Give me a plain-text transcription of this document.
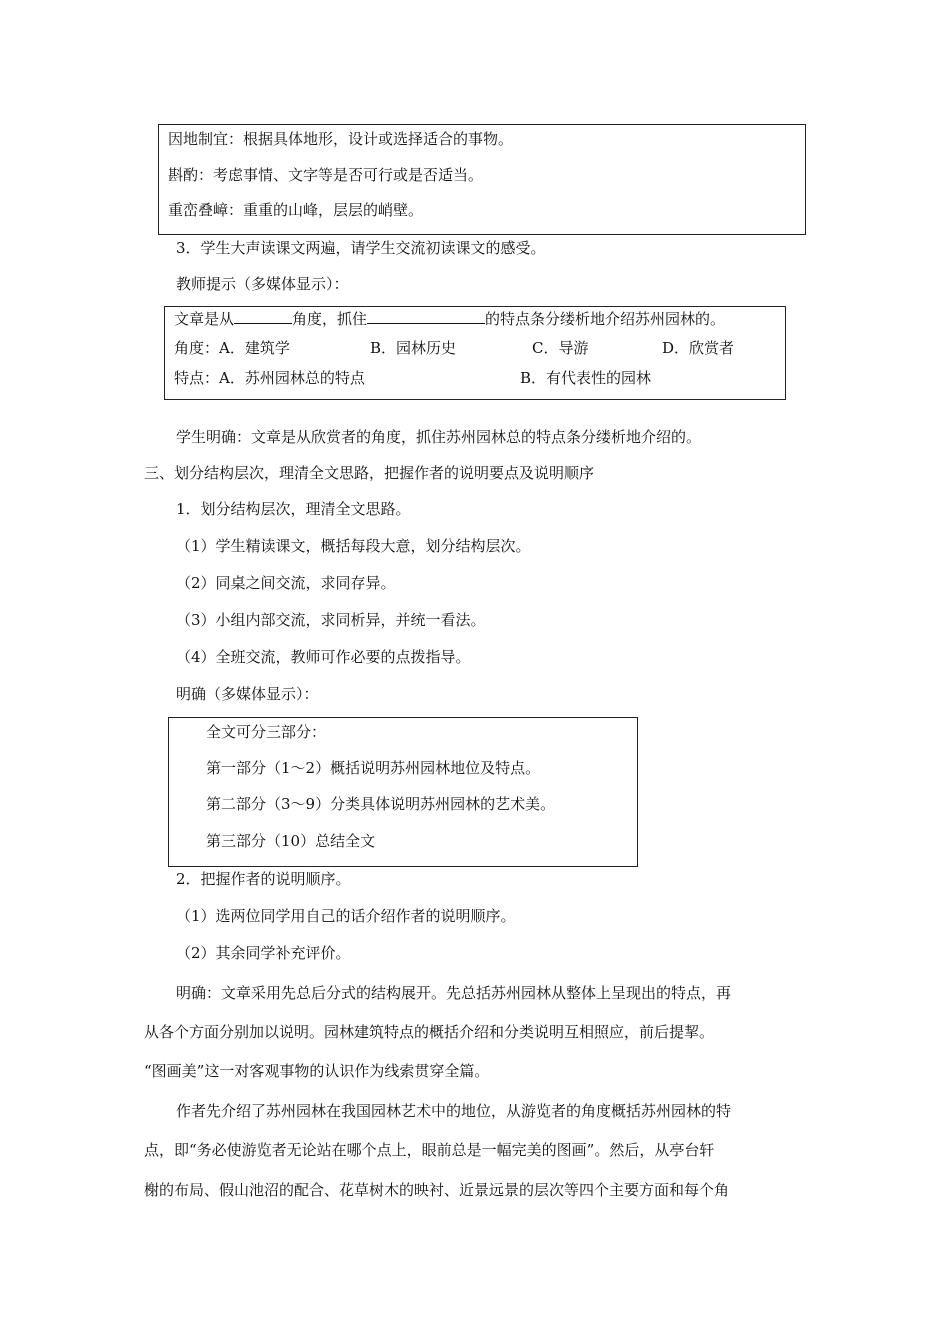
因地制宜：根据具体地形，设计或选择适合的事物。
斟酌：考虑事情、文字等是否可行或是否适当。
重峦叠嶂：重重的山峰，层层的峭壁。
3．学生大声读课文两遍，请学生交流初读课文的感受。
教师提示（多媒体显示）：
文章是从	角度，抓住	的特点条分缕析地介绍苏州园林的。
角度：A．建筑学	B．园林历史	C．导游	D．欣赏者
特点：A．苏州园林总的特点	B．有代表性的园林
学生明确：文章是从欣赏者的角度，抓住苏州园林总的特点条分缕析地介绍的。
三、划分结构层次，理清全文思路，把握作者的说明要点及说明顺序
1．划分结构层次，理清全文思路。
（1）学生精读课文，概括每段大意，划分结构层次。
（2）同桌之间交流，求同存异。
（3）小组内部交流，求同析异，并统一看法。
（4）全班交流，教师可作必要的点拨指导。
明确（多媒体显示）：
全文可分三部分：
第一部分（1～2）概括说明苏州园林地位及特点。
第二部分（3～9）分类具体说明苏州园林的艺术美。
第三部分（10）总结全文
2．把握作者的说明顺序。
（1）选两位同学用自己的话介绍作者的说明顺序。
（2）其余同学补充评价。
明确：文章采用先总后分式的结构展开。先总括苏州园林从整体上呈现出的特点，再
从各个方面分别加以说明。园林建筑特点的概括介绍和分类说明互相照应，前后提挈。
“图画美”这一对客观事物的认识作为线索贯穿全篇。
作者先介绍了苏州园林在我国园林艺术中的地位，从游览者的角度概括苏州园林的特
点，即“务必使游览者无论站在哪个点上，眼前总是一幅完美的图画”。然后，从亭台轩
榭的布局、假山池沼的配合、花草树木的映衬、近景远景的层次等四个主要方面和每个角
